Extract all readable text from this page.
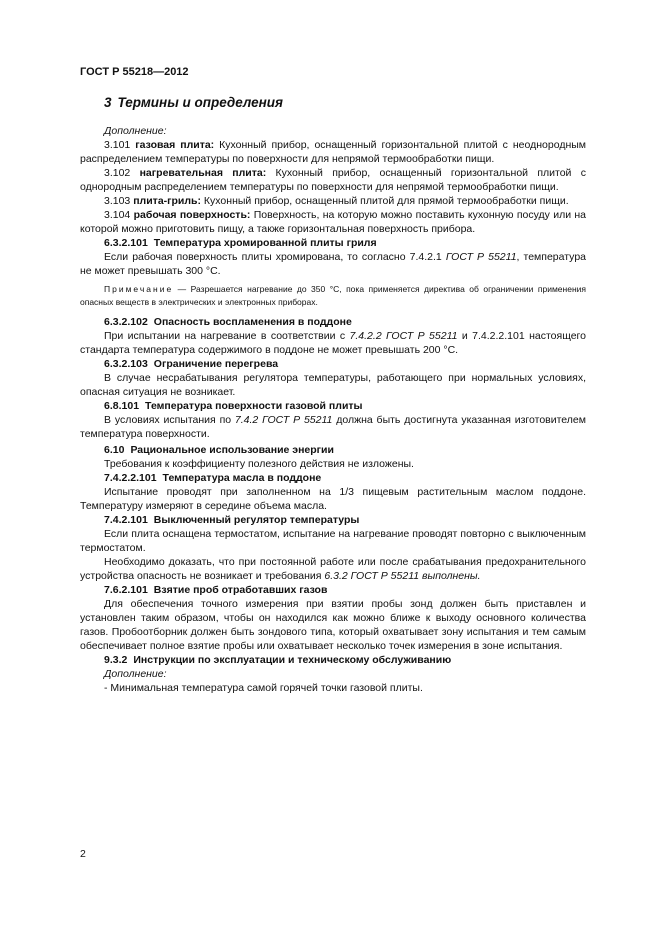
ГОСТ Р 55218—2012

3 Термины и определения

Дополнение:

3.101 газовая плита: Кухонный прибор, оснащенный горизонтальной плитой с неоднородным распределением температуры по поверхности для непрямой термообработки пищи.

3.102 нагревательная плита: Кухонный прибор, оснащенный горизонтальной плитой с однородным распределением температуры по поверхности для непрямой термообработки пищи.

3.103 плита-гриль: Кухонный прибор, оснащенный плитой для прямой термообработки пищи.

3.104 рабочая поверхность: Поверхность, на которую можно поставить кухонную посуду или на которой можно приготовить пищу, а также горизонтальная поверхность прибора.

6.3.2.101 Температура хромированной плиты гриля

Если рабочая поверхность плиты хромирована, то согласно 7.4.2.1 ГОСТ Р 55211, температура не может превышать 300 °С.

Примечание — Разрешается нагревание до 350 °С, пока применяется директива об ограничении применения опасных веществ в электрических и электронных приборах.

6.3.2.102 Опасность воспламенения в поддоне

При испытании на нагревание в соответствии с 7.4.2.2 ГОСТ Р 55211 и 7.4.2.2.101 настоящего стандарта температура содержимого в поддоне не может превышать 200 °С.

6.3.2.103 Ограничение перегрева

В случае несрабатывания регулятора температуры, работающего при нормальных условиях, опасная ситуация не возникает.

6.8.101 Температура поверхности газовой плиты

В условиях испытания по 7.4.2 ГОСТ Р 55211 должна быть достигнута указанная изготовителем температура поверхности.

6.10 Рациональное использование энергии

Требования к коэффициенту полезного действия не изложены.

7.4.2.2.101 Температура масла в поддоне

Испытание проводят при заполненном на 1/3 пищевым растительным маслом поддоне. Температуру измеряют в середине объема масла.

7.4.2.101 Выключенный регулятор температуры

Если плита оснащена термостатом, испытание на нагревание проводят повторно с выключенным термостатом.

Необходимо доказать, что при постоянной работе или после срабатывания предохранительного устройства опасность не возникает и требования 6.3.2 ГОСТ Р 55211 выполнены.

7.6.2.101 Взятие проб отработавших газов

Для обеспечения точного измерения при взятии пробы зонд должен быть приставлен и установлен таким образом, чтобы он находился как можно ближе к выходу основного количества газов. Пробоотборник должен быть зондового типа, который охватывает зону испытания и тем самым обеспечивает полное взятие пробы или охватывает несколько точек измерения в зоне испытания.

9.3.2 Инструкции по эксплуатации и техническому обслуживанию

Дополнение:

- Минимальная температура самой горячей точки газовой плиты.

2
